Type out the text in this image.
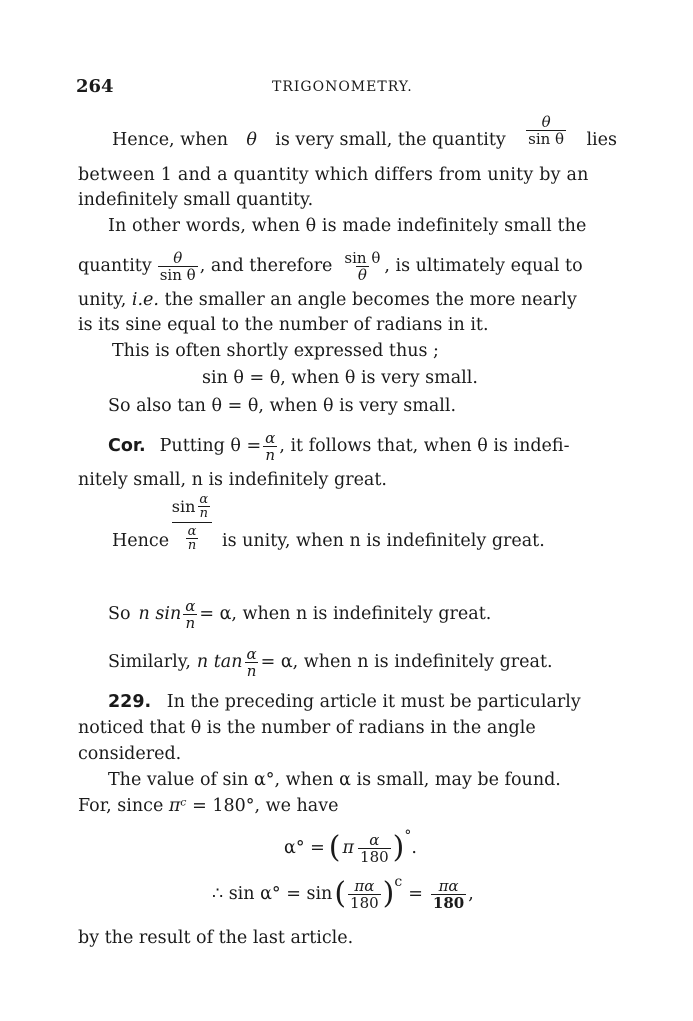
264	TRIGONOMETRY.
Hence, when θ is very small, the quantity $\frac{\theta}{\text{sin θ}}$ lies
between 1 and a quantity which differs from unity by an
indefinitely small quantity.
In other words, when θ is made indefinitely small the
quantity $\frac{\theta}{\text{sin θ}}$ , and therefore $\frac{\text{sin θ}}{\theta}$ , is ultimately equal to
unity, i.e. the smaller an angle becomes the more nearly
is its sine equal to the number of radians in it.
This is often shortly expressed thus ;
sin θ = θ, when θ is very small.
So also tan θ = θ, when θ is very small.
Cor. Putting $\theta = \frac{\alpha}{n}$ , it follows that, when θ is indefi-
nitely small, n is indefinitely great.
Hence
$\sin \frac{\alpha}{n}$
$\frac{\alpha}{n}$ is unity, when n is indefinitely great.
So n $\sin \frac{\alpha}{n} = \alpha$, when n is indefinitely great.
Similarly, n $\tan \frac{\alpha}{n} = \alpha$, when n is indefinitely great.
229. In the preceding article it must be particularly
noticed that θ is the number of radians in the angle
considered.
The value of sin α°, when α is small, may be found.
For, since πᶜ = 180°, we have
α° = ( π $\frac{\alpha}{180}$ ) °
.
∴ sin α° = sin ( $\frac{\pi\alpha}{180}$ ) c
= $\frac{\pi\alpha}{180}$ ,
by the result of the last article.
